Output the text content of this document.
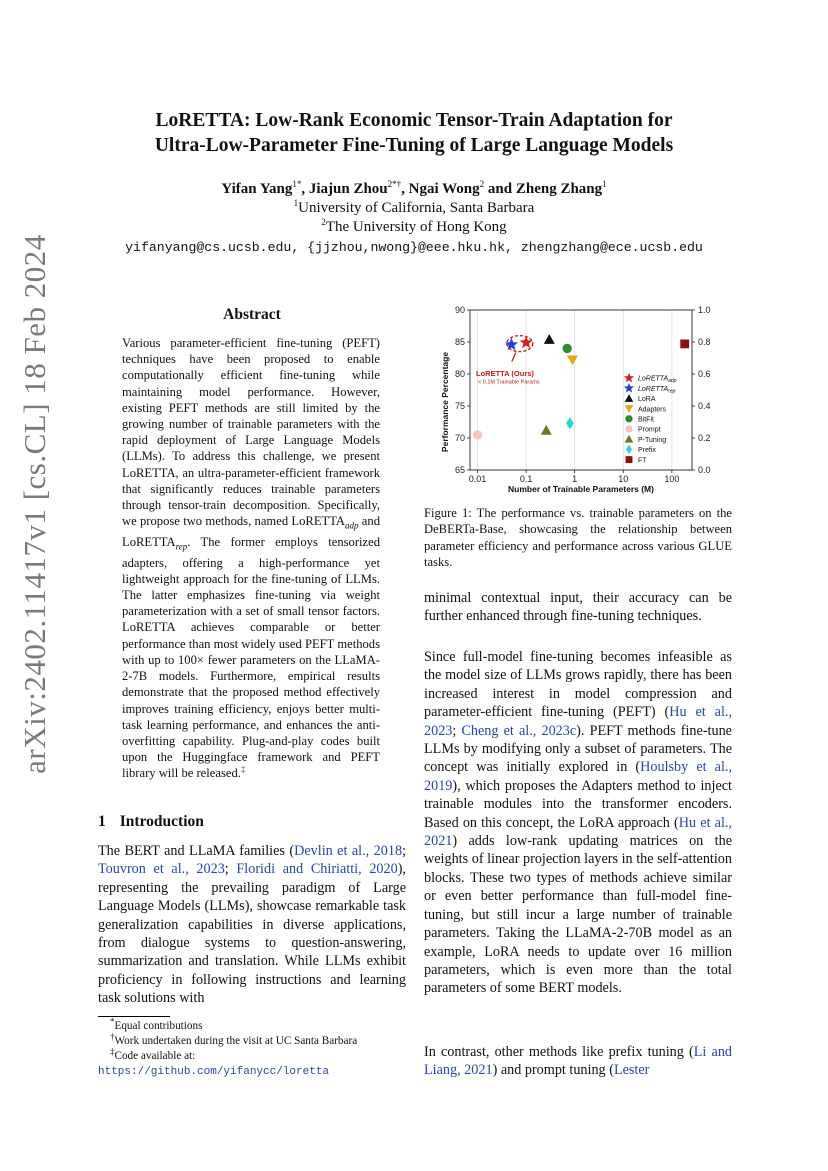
arXiv:2402.11417v1 [cs.CL] 18 Feb 2024
LoRETTA: Low-Rank Economic Tensor-Train Adaptation for
Ultra-Low-Parameter Fine-Tuning of Large Language Models
Yifan Yang$^{1*}$, Jiajun Zhou$^{2*\dagger}$, Ngai Wong$^2$ and Zheng Zhang$^1$
$^1$University of California, Santa Barbara
$^2$The University of Hong Kong
yifanyang@cs.ucsb.edu, {jjzhou,nwong}@eee.hku.hk, zhengzhang@ece.ucsb.edu
Abstract

Various parameter-efficient fine-tuning (PEFT) techniques have been proposed to enable computationally efficient fine-tuning while maintaining model performance. However, existing PEFT methods are still limited by the growing number of trainable parameters with the rapid deployment of Large Language Models (LLMs). To address this challenge, we present LoRETTA, an ultra-parameter-efficient framework that significantly reduces trainable parameters through tensor-train decomposition. Specifically, we propose two methods, named LoRETTA$_{adp}$ and LoRETTA$_{rep}$. The former employs tensorized adapters, offering a high-performance yet lightweight approach for the fine-tuning of LLMs. The latter emphasizes fine-tuning via weight parameterization with a set of small tensor factors. LoRETTA achieves comparable or better performance than most widely used PEFT methods with up to 100× fewer parameters on the LLaMA-2-7B models. Furthermore, empirical results demonstrate that the proposed method effectively improves training efficiency, enjoys better multi-task learning performance, and enhances the anti-overfitting capability. Plug-and-play codes built upon the Huggingface framework and PEFT library will be released.‡

1 Introduction

The BERT and LLaMA families (Devlin et al., 2018; Touvron et al., 2023; Floridi and Chiriatti, 2020), representing the prevailing paradigm of Large Language Models (LLMs), showcase remarkable task generalization capabilities in diverse applications, from dialogue systems to question-answering, summarization and translation. While LLMs exhibit proficiency in following instructions and learning task solutions with

*Equal contributions

†Work undertaken during the visit at UC Santa Barbara

‡Code available at: https://github.com/yifanycc/loretta

0.01	0.1	1	10	100
65
70
75
80
85
90
0.0
0.2
0.4
0.6
0.8
1.0
Number of Trainable Parameters (M)
Performance Percentage	LoRETTA (Ours)
< 0.1M Trainable Params	LoRETTA$_{adp}$
LoRETTA$_{rep}$
LoRA
Adapters
BitFit
Prompt
P-Tuning
Prefix
FT

Figure 1: The performance vs. trainable parameters on the DeBERTa-Base, showcasing the relationship between parameter efficiency and performance across various GLUE tasks.

minimal contextual input, their accuracy can be further enhanced through fine-tuning techniques.

Since full-model fine-tuning becomes infeasible as the model size of LLMs grows rapidly, there has been increased interest in model compression and parameter-efficient fine-tuning (PEFT) (Hu et al., 2023; Cheng et al., 2023c). PEFT methods fine-tune LLMs by modifying only a subset of parameters. The concept was initially explored in (Houlsby et al., 2019), which proposes the Adapters method to inject trainable modules into the transformer encoders. Based on this concept, the LoRA approach (Hu et al., 2021) adds low-rank updating matrices on the weights of linear projection layers in the self-attention blocks. These two types of methods achieve similar or even better performance than full-model fine-tuning, but still incur a large number of trainable parameters. Taking the LLaMA-2-70B model as an example, LoRA needs to update over 16 million parameters, which is even more than the total parameters of some BERT models.

In contrast, other methods like prefix tuning (Li and Liang, 2021) and prompt tuning (Lester
